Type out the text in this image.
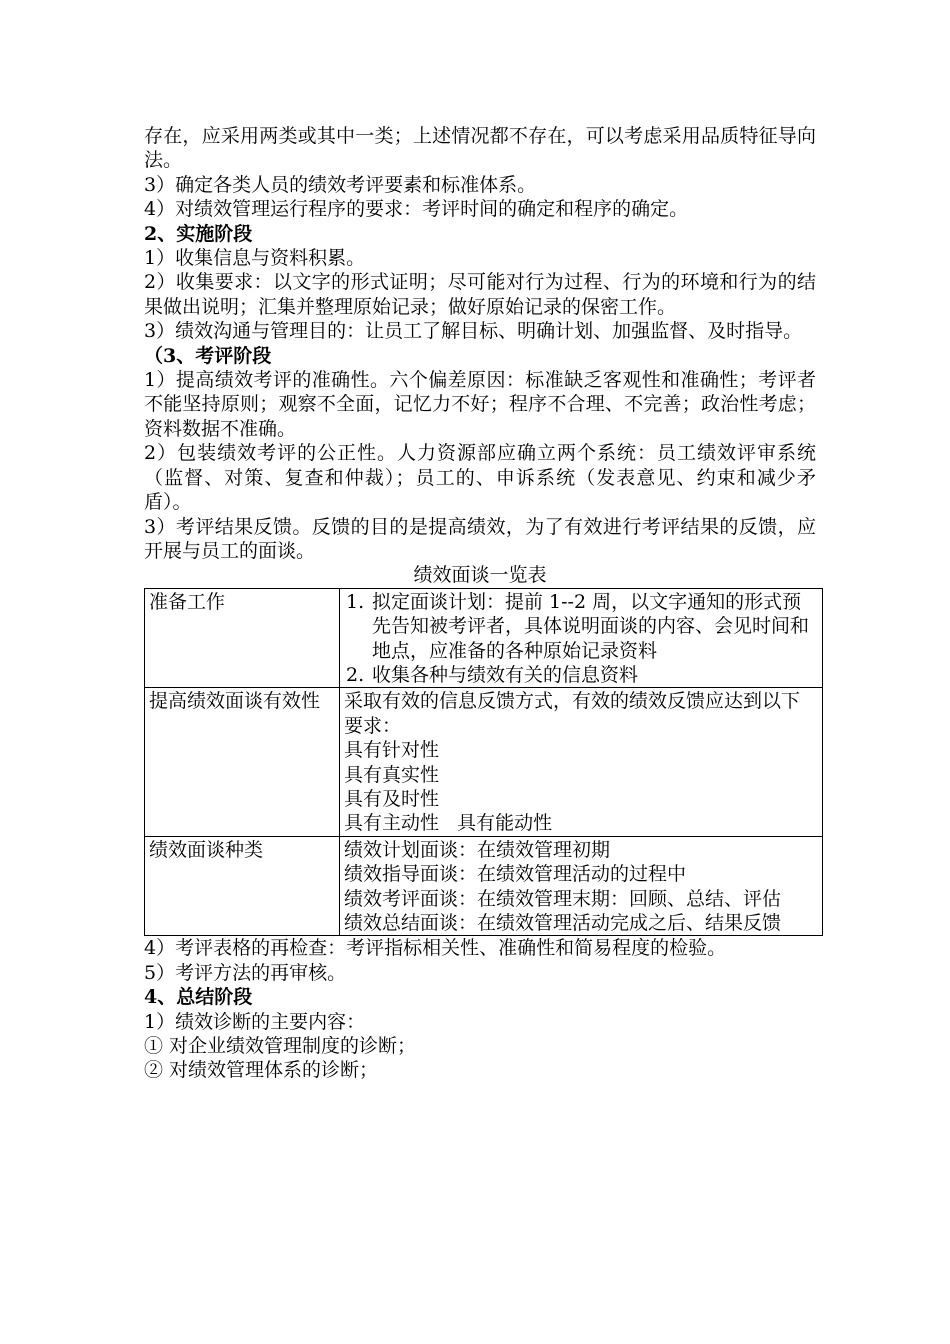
存在，应采用两类或其中一类；上述情况都不存在，可以考虑采用品质特征导向法。

3）确定各类人员的绩效考评要素和标准体系。

4）对绩效管理运行程序的要求：考评时间的确定和程序的确定。

2、实施阶段

1）收集信息与资料积累。

2）收集要求：以文字的形式证明；尽可能对行为过程、行为的环境和行为的结果做出说明；汇集并整理原始记录；做好原始记录的保密工作。

3）绩效沟通与管理目的：让员工了解目标、明确计划、加强监督、及时指导。

（3、考评阶段

1）提高绩效考评的准确性。六个偏差原因：标准缺乏客观性和准确性；考评者不能坚持原则；观察不全面，记忆力不好；程序不合理、不完善；政治性考虑；资料数据不准确。

2）包装绩效考评的公正性。人力资源部应确立两个系统：员工绩效评审系统（监督、对策、复查和仲裁）；员工的、申诉系统（发表意见、约束和减少矛盾）。

3）考评结果反馈。反馈的目的是提高绩效，为了有效进行考评结果的反馈，应开展与员工的面谈。

绩效面谈一览表

准备工作	1. 拟定面谈计划：提前 1--2 周，以文字通知的形式预先告知被考评者，具体说明面谈的内容、会见时间和地点，应准备的各种原始记录资料
2. 收集各种与绩效有关的信息资料

提高绩效面谈有效性	采取有效的信息反馈方式，有效的绩效反馈应达到以下要求：
具有针对性
具有真实性
具有及时性
具有主动性   具有能动性

绩效面谈种类	绩效计划面谈：在绩效管理初期
绩效指导面谈：在绩效管理活动的过程中
绩效考评面谈：在绩效管理末期：回顾、总结、评估
绩效总结面谈：在绩效管理活动完成之后、结果反馈

4）考评表格的再检查：考评指标相关性、准确性和简易程度的检验。

5）考评方法的再审核。

4、总结阶段

1）绩效诊断的主要内容：

① 对企业绩效管理制度的诊断；

② 对绩效管理体系的诊断；
